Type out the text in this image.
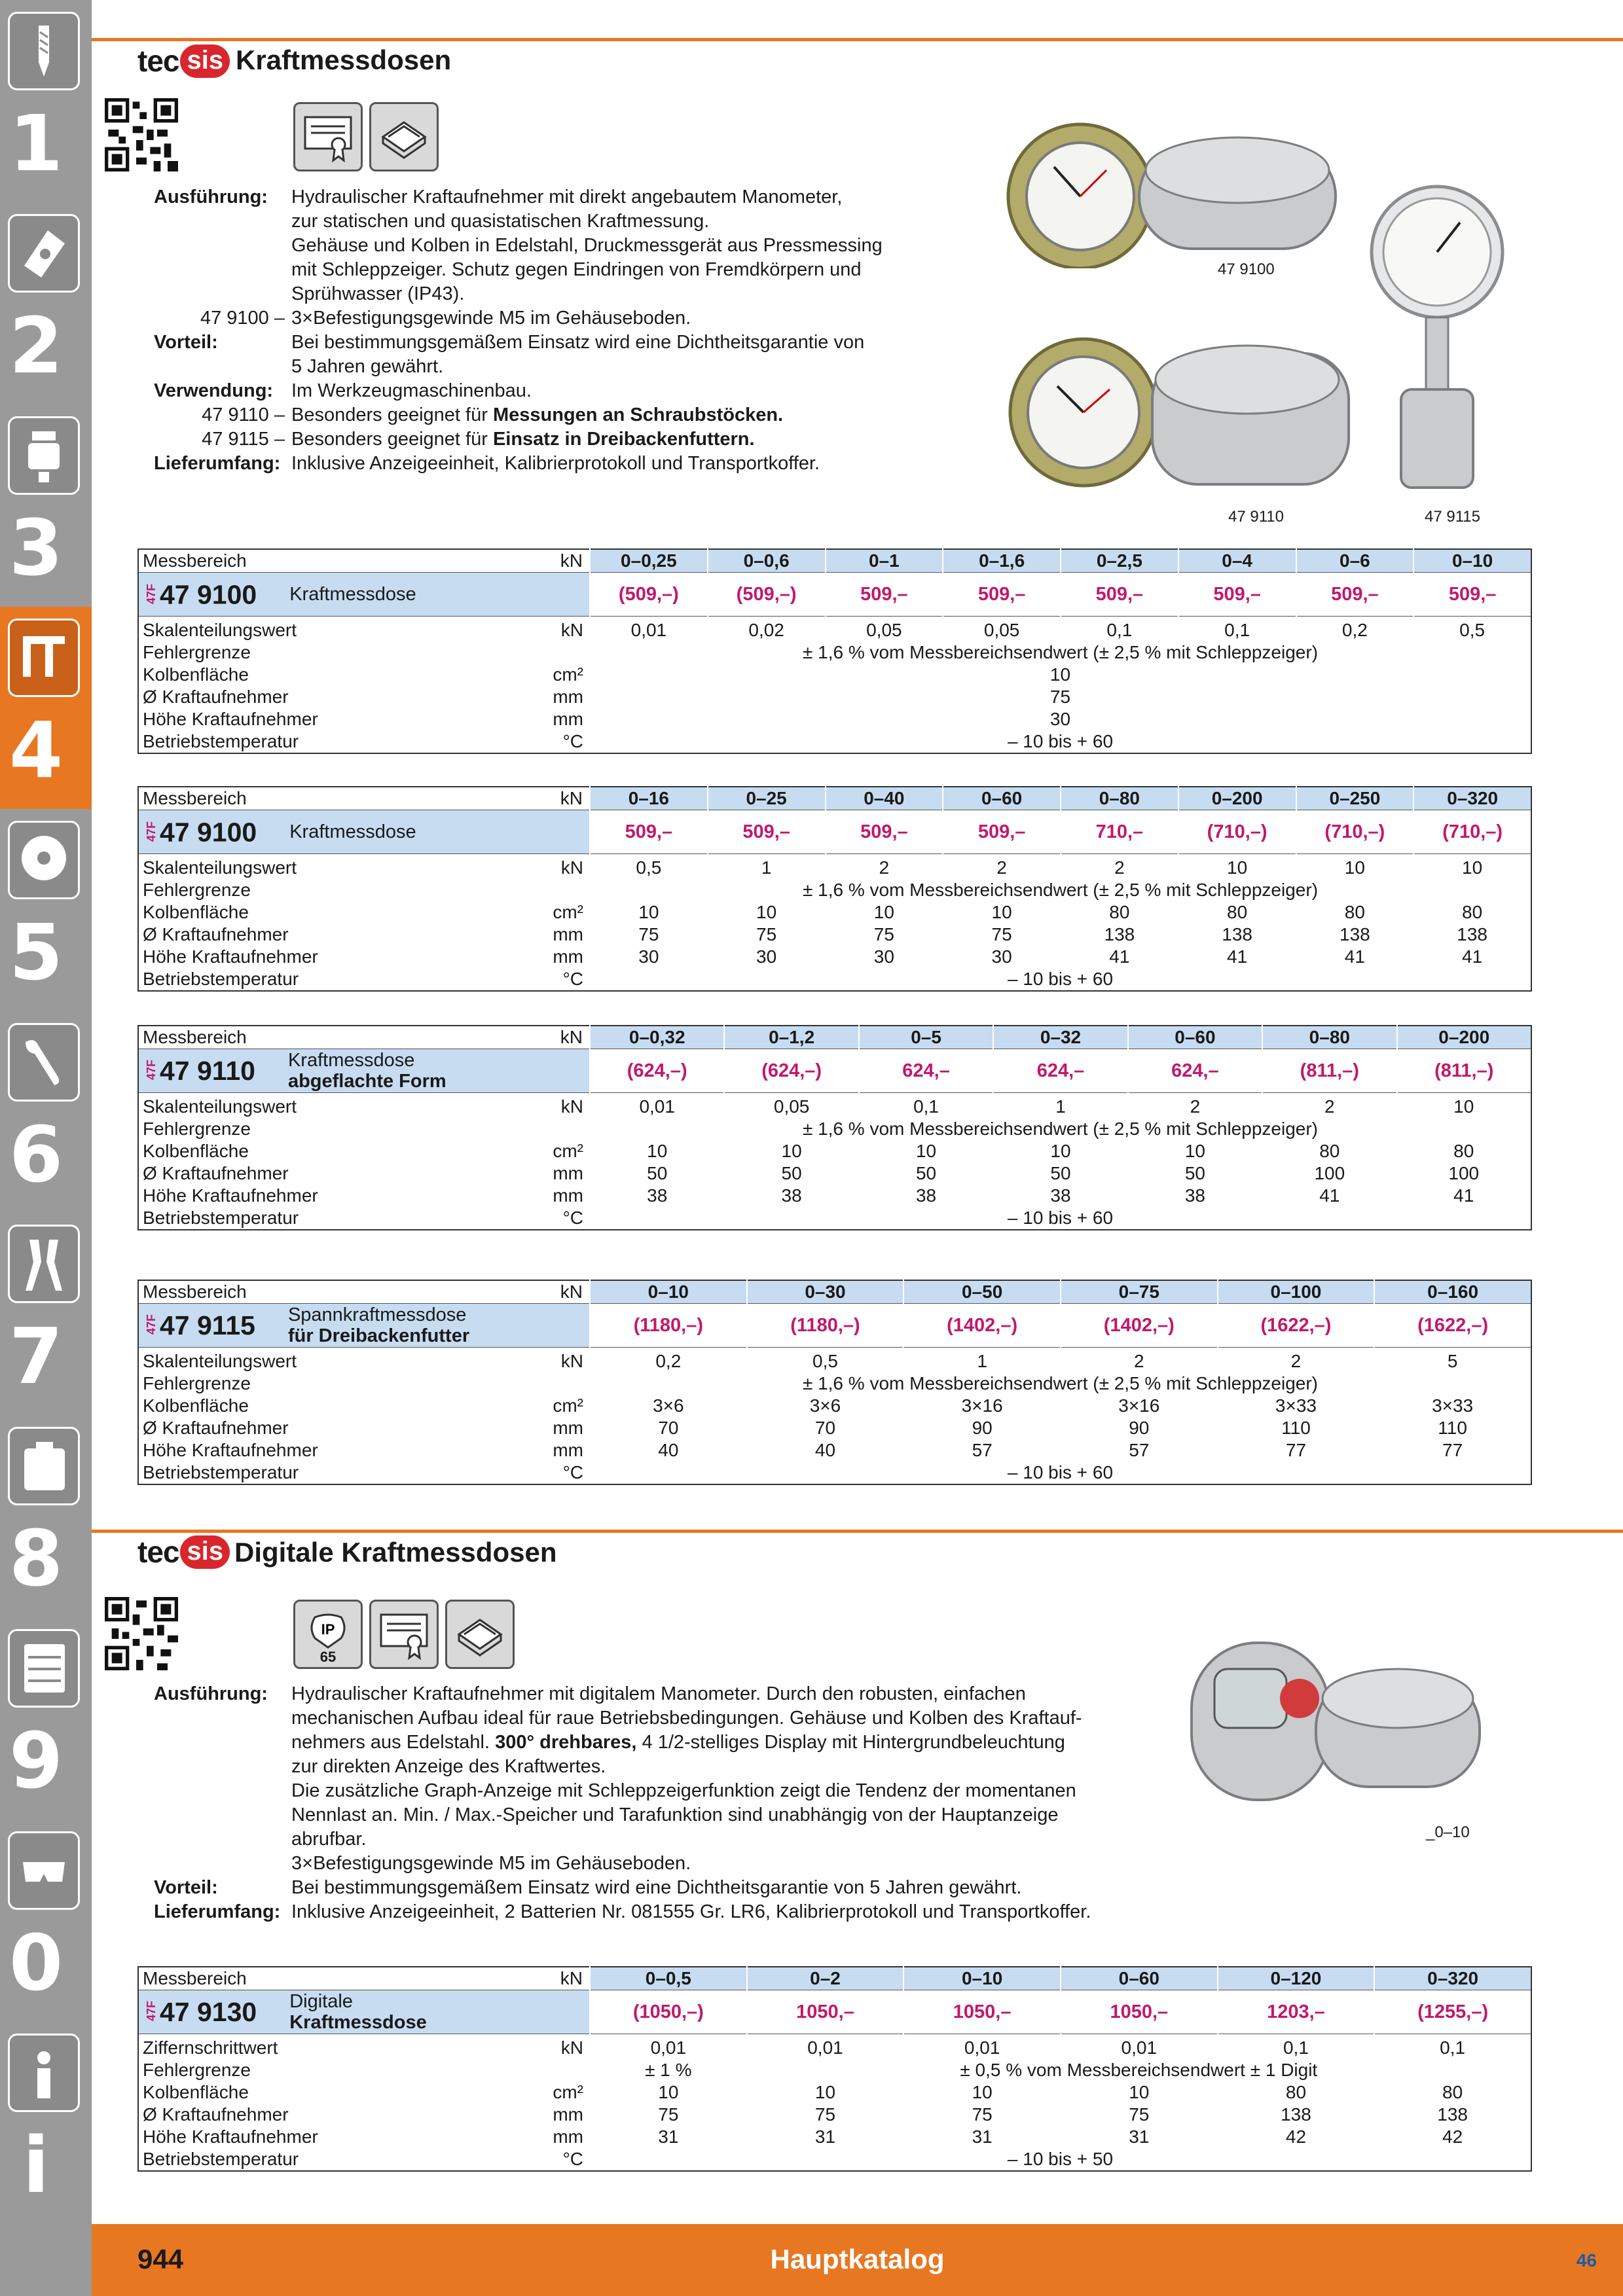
1
2
3
4
5
6
7
8
9
0
i
tec sis Kraftmessdosen
Ausführung:	Hydraulischer Kraftaufnehmer mit direkt angebautem Manometer,
zur statischen und quasistatischen Kraftmessung.
Gehäuse und Kolben in Edelstahl, Druckmessgerät aus Pressmessing
mit Schleppzeiger. Schutz gegen Eindringen von Fremdkörpern und
Sprühwasser (IP43).
47 9100 – 3×Befestigungsgewinde M5 im Gehäuseboden.
Vorteil:	Bei bestimmungsgemäßem Einsatz wird eine Dichtheitsgarantie von
5 Jahren gewährt.
Verwendung: Im Werkzeugmaschinenbau.
47 9110 – Besonders geeignet für Messungen an Schraubstöcken.
47 9115 – Besonders geeignet für Einsatz in Dreibackenfuttern.
Lieferumfang: Inklusive Anzeigeeinheit, Kalibrierprotokoll und Transportkoffer.
47 9100
47 9110	47 9115
Messbereich	kN	0–0,25	0–0,6	0–1	0–1,6	0–2,5	0–4	0–6	0–10
47F47 9100 Kraftmessdose		(509,–)	(509,–)	509,–	509,–	509,–	509,–	509,–	509,–
Skalenteilungswert	kN	0,01	0,02	0,05	0,05	0,1	0,1	0,2	0,5
Fehlergrenze		± 1,6 % vom Messbereichsendwert (± 2,5 % mit Schleppzeiger)							
Kolbenfläche	cm²	10							
Ø Kraftaufnehmer	mm	75							
Höhe Kraftaufnehmer	mm	30							
Betriebstemperatur	°C	– 10 bis + 60							
Messbereich	kN	0–16	0–25	0–40	0–60	0–80	0–200	0–250	0–320
47F47 9100 Kraftmessdose		509,–	509,–	509,–	509,–	710,–	(710,–)	(710,–)	(710,–)
Skalenteilungswert	kN	0,5	1	2	2	2	10	10	10
Fehlergrenze		± 1,6 % vom Messbereichsendwert (± 2,5 % mit Schleppzeiger)							
Kolbenfläche	cm²	10	10	10	10	80	80	80	80
Ø Kraftaufnehmer	mm	75	75	75	75	138	138	138	138
Höhe Kraftaufnehmer	mm	30	30	30	30	41	41	41	41
Betriebstemperatur	°C	– 10 bis + 60							
Messbereich	kN	0–0,32	0–1,2	0–5	0–32	0–60	0–80	0–200
47F47 9110 Kraftmessdose
abgeflachte Form		(624,–)	(624,–)	624,–	624,–	624,–	(811,–)	(811,–)
Skalenteilungswert	kN	0,01	0,05	0,1	1	2	2	10
Fehlergrenze		± 1,6 % vom Messbereichsendwert (± 2,5 % mit Schleppzeiger)						
Kolbenfläche	cm²	10	10	10	10	10	80	80
Ø Kraftaufnehmer	mm	50	50	50	50	50	100	100
Höhe Kraftaufnehmer	mm	38	38	38	38	38	41	41
Betriebstemperatur	°C	– 10 bis + 60						
Messbereich	kN	0–10	0–30	0–50	0–75	0–100	0–160
47F47 9115 Spannkraftmessdose
für Dreibackenfutter		(1180,–)	(1180,–)	(1402,–)	(1402,–)	(1622,–)	(1622,–)
Skalenteilungswert	kN	0,2	0,5	1	2	2	5
Fehlergrenze		± 1,6 % vom Messbereichsendwert (± 2,5 % mit Schleppzeiger)					
Kolbenfläche	cm²	3×6	3×6	3×16	3×16	3×33	3×33
Ø Kraftaufnehmer	mm	70	70	90	90	110	110
Höhe Kraftaufnehmer	mm	40	40	57	57	77	77
Betriebstemperatur	°C	– 10 bis + 60					
Messbereich	kN	0–0,5	0–2	0–10	0–60	0–120	0–320
47F47 9130 Digitale
Kraftmessdose		(1050,–)	1050,–	1050,–	1050,–	1203,–	(1255,–)
Ziffernschrittwert	kN	0,01	0,01	0,01	0,01	0,1	0,1
Fehlergrenze		± 1 %	± 0,5 % vom Messbereichsendwert ± 1 Digit				
Kolbenfläche	cm²	10	10	10	10	80	80
Ø Kraftaufnehmer	mm	75	75	75	75	138	138
Höhe Kraftaufnehmer	mm	31	31	31	31	42	42
Betriebstemperatur	°C	– 10 bis + 50					
tec sis Digitale Kraftmessdosen
IP
65
Ausführung:	Hydraulischer Kraftaufnehmer mit digitalem Manometer. Durch den robusten, einfachen
mechanischen Aufbau ideal für raue Betriebsbedingungen. Gehäuse und Kolben des Kraftauf-
nehmers aus Edelstahl. 300° drehbares, 4 1/2-stelliges Display mit Hintergrundbeleuchtung
zur direkten Anzeige des Kraftwertes.
Die zusätzliche Graph-Anzeige mit Schleppzeigerfunktion zeigt die Tendenz der momentanen
Nennlast an. Min. / Max.-Speicher und Tarafunktion sind unabhängig von der Hauptanzeige
abrufbar.
3×Befestigungsgewinde M5 im Gehäuseboden.
Vorteil:	Bei bestimmungsgemäßem Einsatz wird eine Dichtheitsgarantie von 5 Jahren gewährt.
Lieferumfang: Inklusive Anzeigeeinheit, 2 Batterien Nr. 081555 Gr. LR6, Kalibrierprotokoll und Transportkoffer.
_0–10
944	Hauptkatalog	46
